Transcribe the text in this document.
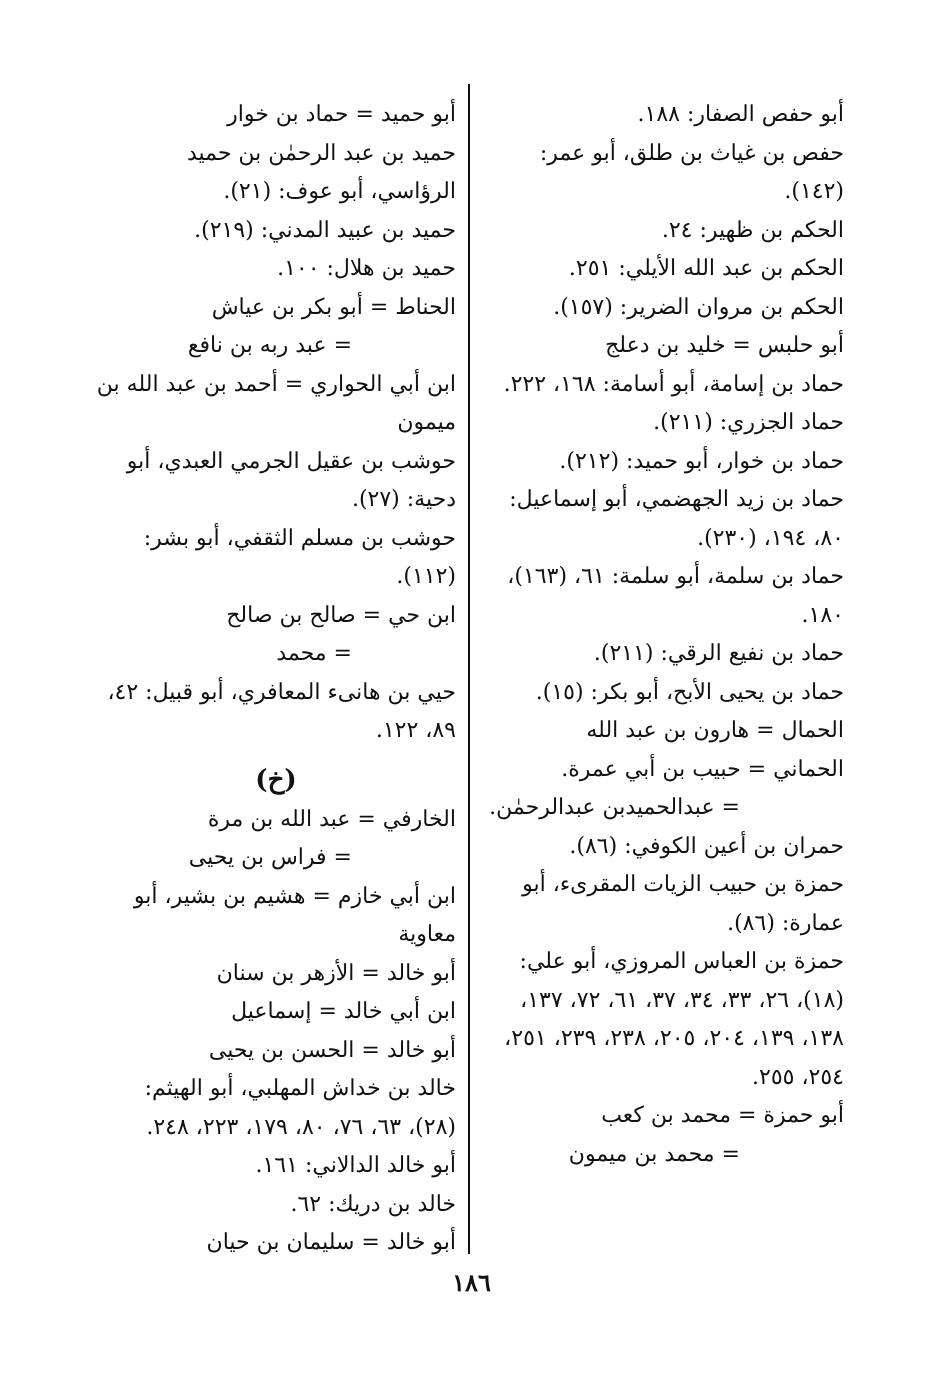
أبو حفص الصفار: ١٨٨.

حفص بن غياث بن طلق، أبو عمر: (١٤٢).

الحكم بن ظهير: ٢٤.

الحكم بن عبد الله الأيلي: ٢٥١.

الحكم بن مروان الضرير: (١٥٧).

أبو حلبس = خليد بن دعلج

حماد بن إسامة، أبو أسامة: ١٦٨، ٢٢٢.

حماد الجزري: (٢١١).

حماد بن خوار، أبو حميد: (٢١٢).

حماد بن زيد الجهضمي، أبو إسماعيل: ٨٠، ١٩٤، (٢٣٠).

حماد بن سلمة، أبو سلمة: ٦١، (١٦٣)، ١٨٠.

حماد بن نفيع الرقي: (٢١١).

حماد بن يحيى الأبح، أبو بكر: (١٥).

الحمال = هارون بن عبد الله

الحماني = حبيب بن أبي عمرة.

= عبدالحميدبن عبدالرحمٰن.

حمران بن أعين الكوفي: (٨٦).

حمزة بن حبيب الزيات المقرىء، أبو عمارة: (٨٦).

حمزة بن العباس المروزي، أبو علي: (١٨)، ٢٦، ٣٣، ٣٤، ٣٧، ٦١، ٧٢، ١٣٧، ١٣٨، ١٣٩، ٢٠٤، ٢٠٥، ٢٣٨، ٢٣٩، ٢٥١، ٢٥٤، ٢٥٥.

أبو حمزة = محمد بن كعب

= محمد بن ميمون

أبو حميد = حماد بن خوار

حميد بن عبد الرحمٰن بن حميد الرؤاسي، أبو عوف: (٢١).

حميد بن عبيد المدني: (٢١٩).

حميد بن هلال: ١٠٠.

الحناط = أبو بكر بن عياش

= عبد ربه بن نافع

ابن أبي الحواري = أحمد بن عبد الله بن ميمون

حوشب بن عقيل الجرمي العبدي، أبو دحية: (٢٧).

حوشب بن مسلم الثقفي، أبو بشر: (١١٢).

ابن حي = صالح بن صالح

= محمد

حيي بن هانىء المعافري، أبو قبيل: ٤٢، ٨٩، ١٢٢.

(خ)

الخارفي = عبد الله بن مرة

= فراس بن يحيى

ابن أبي خازم = هشيم بن بشير، أبو معاوية

أبو خالد = الأزهر بن سنان

ابن أبي خالد = إسماعيل

أبو خالد = الحسن بن يحيى

خالد بن خداش المهلبي، أبو الهيثم: (٢٨)، ٦٣، ٧٦، ٨٠، ١٧٩، ٢٢٣، ٢٤٨.

أبو خالد الدالاني: ١٦١.

خالد بن دريك: ٦٢.

أبو خالد = سليمان بن حيان

١٨٦
